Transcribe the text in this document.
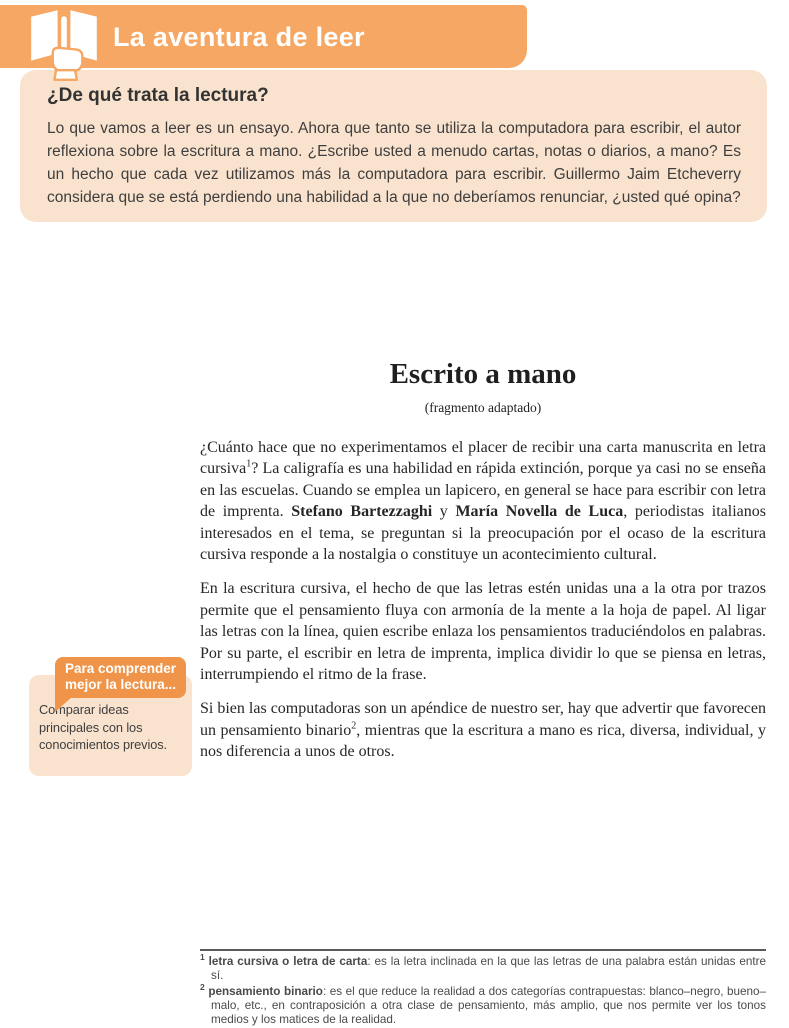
La aventura de leer
¿De qué trata la lectura?

Lo que vamos a leer es un ensayo. Ahora que tanto se utiliza la computadora para escribir, el autor reflexiona sobre la escritura a mano. ¿Escribe usted a menudo cartas, notas o diarios, a mano? Es un hecho que cada vez utilizamos más la computadora para escribir. Guillermo Jaim Etcheverry considera que se está perdiendo una habilidad a la que no deberíamos renunciar, ¿usted qué opina?

Escrito a mano
(fragmento adaptado)

¿Cuánto hace que no experimentamos el placer de recibir una carta manuscrita en letra cursiva$^1$? La caligrafía es una habilidad en rápida extinción, porque ya casi no se enseña en las escuelas. Cuando se emplea un lapicero, en general se hace para escribir con letra de imprenta. Stefano Bartezzaghi y María Novella de Luca, periodistas italianos interesados en el tema, se preguntan si la preocupación por el ocaso de la escritura cursiva responde a la nostalgia o constituye un acontecimiento cultural.

En la escritura cursiva, el hecho de que las letras estén unidas una a la otra por trazos permite que el pensamiento fluya con armonía de la mente a la hoja de papel. Al ligar las letras con la línea, quien escribe enlaza los pensamientos traduciéndolos en palabras. Por su parte, el escribir en letra de imprenta, implica dividir lo que se piensa en letras, interrumpiendo el ritmo de la frase.

Si bien las computadoras son un apéndice de nuestro ser, hay que advertir que favorecen un pensamiento binario$^2$, mientras que la escritura a mano es rica, diversa, individual, y nos diferencia a unos de otros.

Comparar ideas principales con los conocimientos previos.
Para comprender mejor la lectura...

$^1$ letra cursiva o letra de carta: es la letra inclinada en la que las letras de una palabra están unidas entre sí.

$^2$ pensamiento binario: es el que reduce la realidad a dos categorías contrapuestas: blanco–negro, bueno–malo, etc., en contraposición a otra clase de pensamiento, más amplio, que nos permite ver los tonos medios y los matices de la realidad.
